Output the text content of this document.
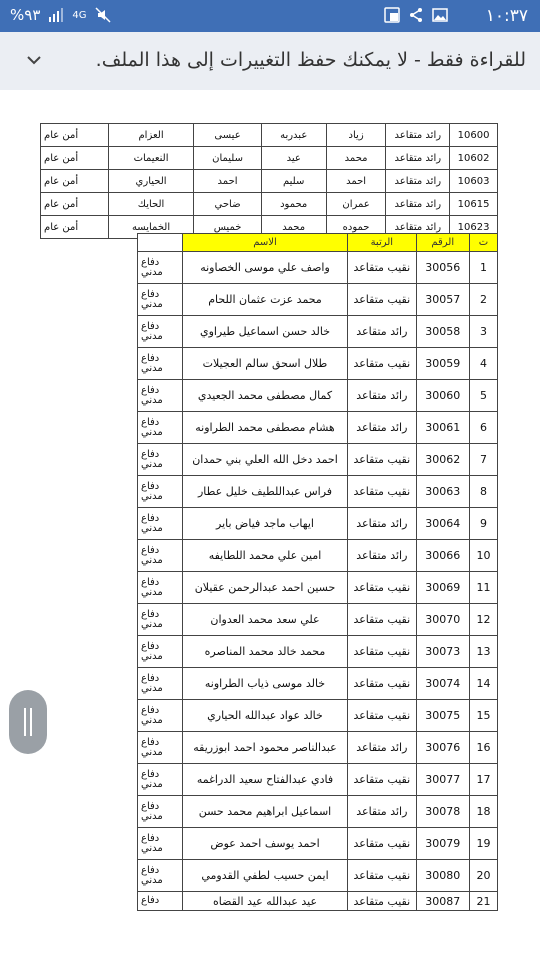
%٩٣	4G	١٠:٣٧
للقراءة فقط - لا يمكنك حفظ التغييرات إلى هذا الملف.
10600	رائد متقاعد	زياد	عبدربه	عيسى	العزام	أمن عام
10602	رائد متقاعد	محمد	عيد	سليمان	النعيمات	أمن عام
10603	رائد متقاعد	احمد	سليم	احمد	الحياري	أمن عام
10615	رائد متقاعد	عمران	محمود	ضاحي	الحايك	أمن عام
10623	رائد متقاعد	حموده	محمد	خميس	الخمايسه	أمن عام
ت	الرقم	الرتبة	الاسم	
1	30056	نقيب متقاعد	واصف علي موسى الخصاونه	دفاع مدني
2	30057	نقيب متقاعد	محمد عزت عثمان اللحام	دفاع مدني
3	30058	رائد متقاعد	خالد حسن اسماعيل طيراوي	دفاع مدني
4	30059	نقيب متقاعد	طلال اسحق سالم العجيلات	دفاع مدني
5	30060	رائد متقاعد	كمال مصطفى محمد الجعيدي	دفاع مدني
6	30061	رائد متقاعد	هشام مصطفى محمد الطراونه	دفاع مدني
7	30062	نقيب متقاعد	احمد دخل الله العلي بني حمدان	دفاع مدني
8	30063	نقيب متقاعد	فراس عبداللطيف خليل عطار	دفاع مدني
9	30064	رائد متقاعد	ايهاب ماجد فياض باير	دفاع مدني
10	30066	رائد متقاعد	امين علي محمد اللطايفه	دفاع مدني
11	30069	نقيب متقاعد	حسين احمد عبدالرحمن عقيلان	دفاع مدني
12	30070	نقيب متقاعد	علي سعد محمد العدوان	دفاع مدني
13	30073	نقيب متقاعد	محمد خالد محمد المناصره	دفاع مدني
14	30074	نقيب متقاعد	خالد موسى ذياب الطراونه	دفاع مدني
15	30075	نقيب متقاعد	خالد عواد عبدالله الحياري	دفاع مدني
16	30076	رائد متقاعد	عبدالناصر محمود احمد ابوزريقه	دفاع مدني
17	30077	نقيب متقاعد	فادي عبدالفتاح سعيد الدراغمه	دفاع مدني
18	30078	رائد متقاعد	اسماعيل ابراهيم محمد حسن	دفاع مدني
19	30079	نقيب متقاعد	احمد يوسف احمد عوض	دفاع مدني
20	30080	نقيب متقاعد	ايمن حسيب لطفي القدومي	دفاع مدني
21	30087	نقيب متقاعد	عيد عبدالله عيد القضاه	دفاع
